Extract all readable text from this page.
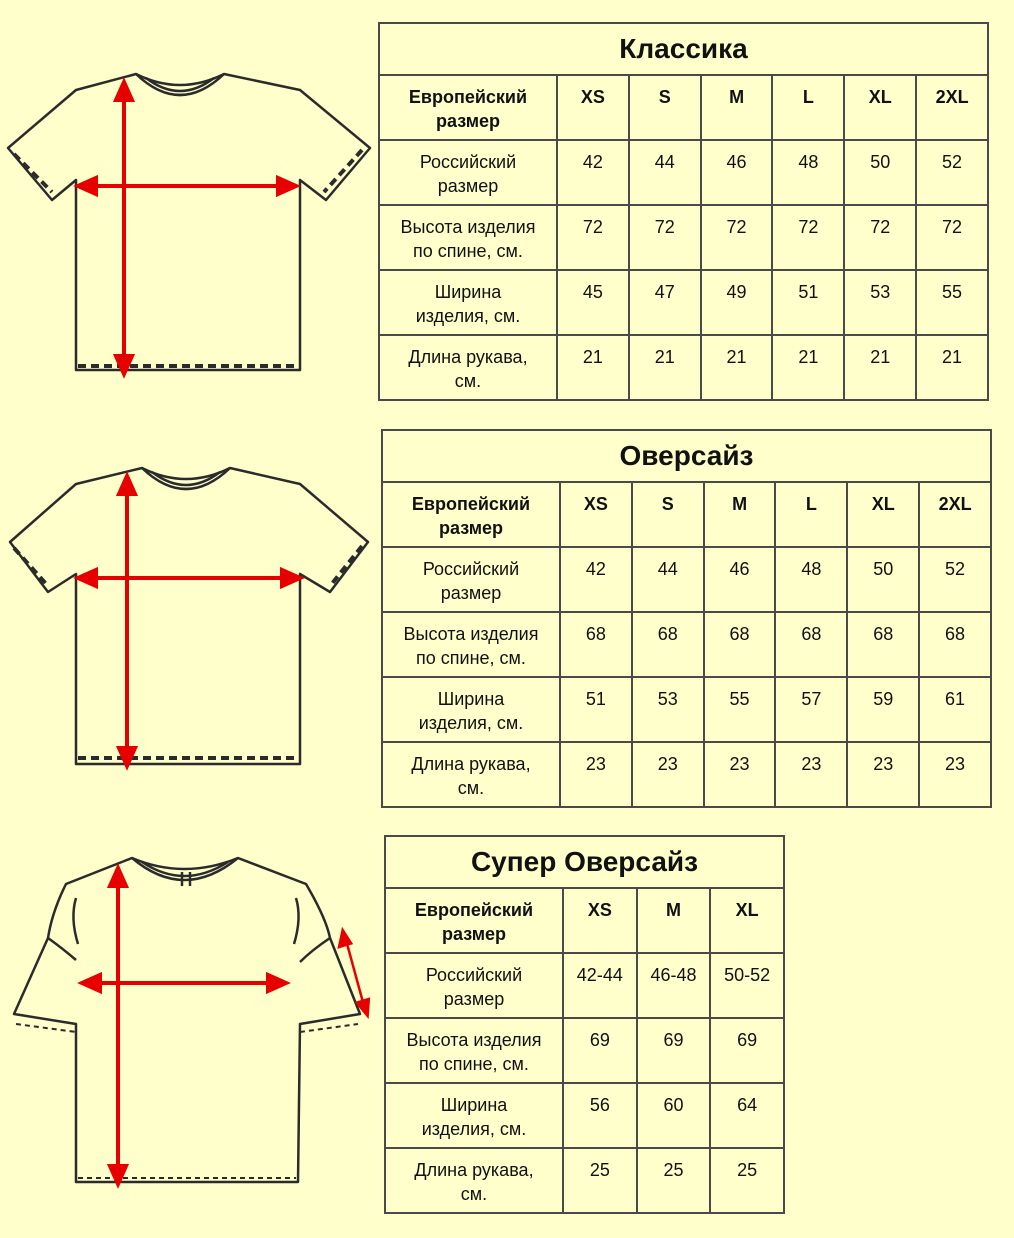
Классика						
Европейский
размер	XS	S	M	L	XL	2XL
Российский
размер	42	44	46	48	50	52
Высота изделия
по спине, см.	72	72	72	72	72	72
Ширина
изделия, см.	45	47	49	51	53	55
Длина рукава,
см.	21	21	21	21	21	21
Оверсайз						
Европейский
размер	XS	S	M	L	XL	2XL
Российский
размер	42	44	46	48	50	52
Высота изделия
по спине, см.	68	68	68	68	68	68
Ширина
изделия, см.	51	53	55	57	59	61
Длина рукава,
см.	23	23	23	23	23	23
Супер Оверсайз			
Европейский
размер	XS	M	XL
Российский
размер	42-44	46-48	50-52
Высота изделия
по спине, см.	69	69	69
Ширина
изделия, см.	56	60	64
Длина рукава,
см.	25	25	25
